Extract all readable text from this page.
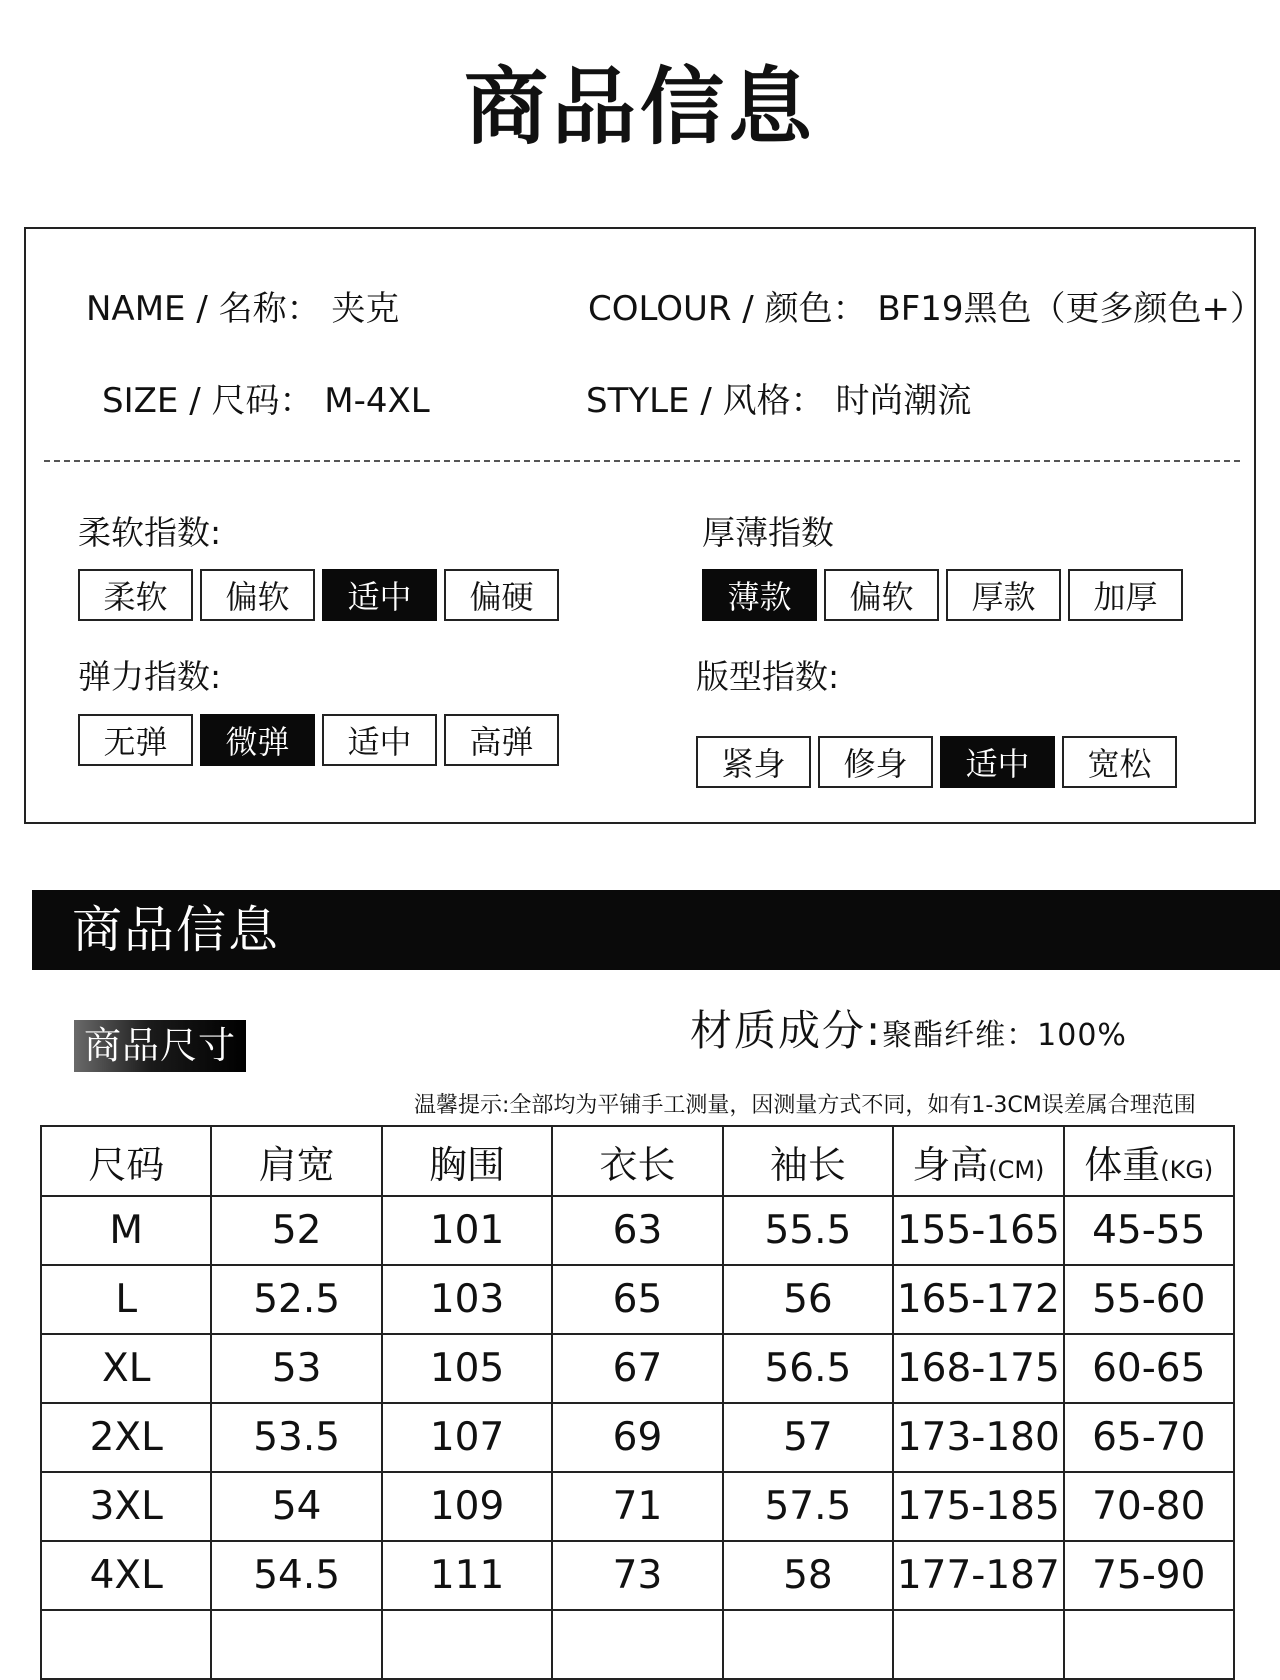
商品信息
NAME / 名称： 夹克	COLOUR / 颜色： BF19黑色（更多颜色+）
SIZE / 尺码： M-4XL	STYLE / 风格： 时尚潮流
柔软指数:
柔软	偏软	适中	偏硬
厚薄指数
薄款	偏软	厚款	加厚
弹力指数:
无弹	微弹	适中	高弹
版型指数:
紧身	修身	适中	宽松
商品信息
商品尺寸	材质成分:聚酯纤维：100%
温馨提示:全部均为平铺手工测量，因测量方式不同，如有1-3CM误差属合理范围
尺码	肩宽	胸围	衣长	袖长	身高(CM)	体重(KG)
M	52	101	63	55.5	155-165	45-55
L	52.5	103	65	56	165-172	55-60
XL	53	105	67	56.5	168-175	60-65
2XL	53.5	107	69	57	173-180	65-70
3XL	54	109	71	57.5	175-185	70-80
4XL	54.5	111	73	58	177-187	75-90
